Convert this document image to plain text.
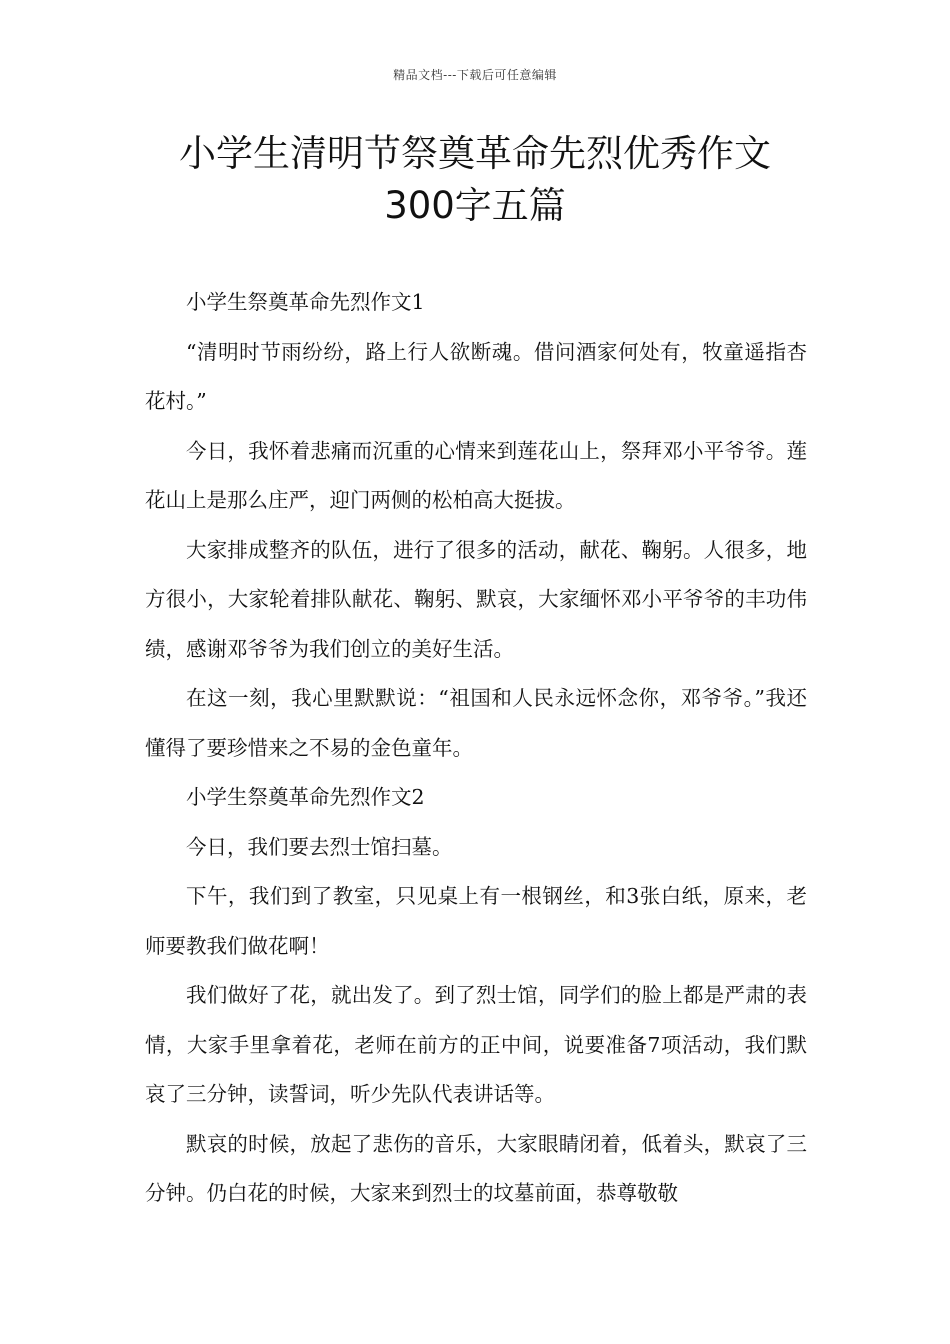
精品文档---下载后可任意编辑
小学生清明节祭奠革命先烈优秀作文
300字五篇

小学生祭奠革命先烈作文1

“清明时节雨纷纷，路上行人欲断魂。借问酒家何处有，牧童遥指杏花村。”

今日，我怀着悲痛而沉重的心情来到莲花山上，祭拜邓小平爷爷。莲花山上是那么庄严，迎门两侧的松柏高大挺拔。

大家排成整齐的队伍，进行了很多的活动，献花、鞠躬。人很多，地方很小，大家轮着排队献花、鞠躬、默哀，大家缅怀邓小平爷爷的丰功伟绩，感谢邓爷爷为我们创立的美好生活。

在这一刻，我心里默默说：“祖国和人民永远怀念你，邓爷爷。”我还懂得了要珍惜来之不易的金色童年。

小学生祭奠革命先烈作文2

今日，我们要去烈士馆扫墓。

下午，我们到了教室，只见桌上有一根钢丝，和3张白纸，原来，老师要教我们做花啊！

我们做好了花，就出发了。到了烈士馆，同学们的脸上都是严肃的表情，大家手里拿着花，老师在前方的正中间，说要准备7项活动，我们默哀了三分钟，读誓词，听少先队代表讲话等。

默哀的时候，放起了悲伤的音乐，大家眼睛闭着，低着头，默哀了三分钟。仍白花的时候，大家来到烈士的坟墓前面，恭尊敬敬
